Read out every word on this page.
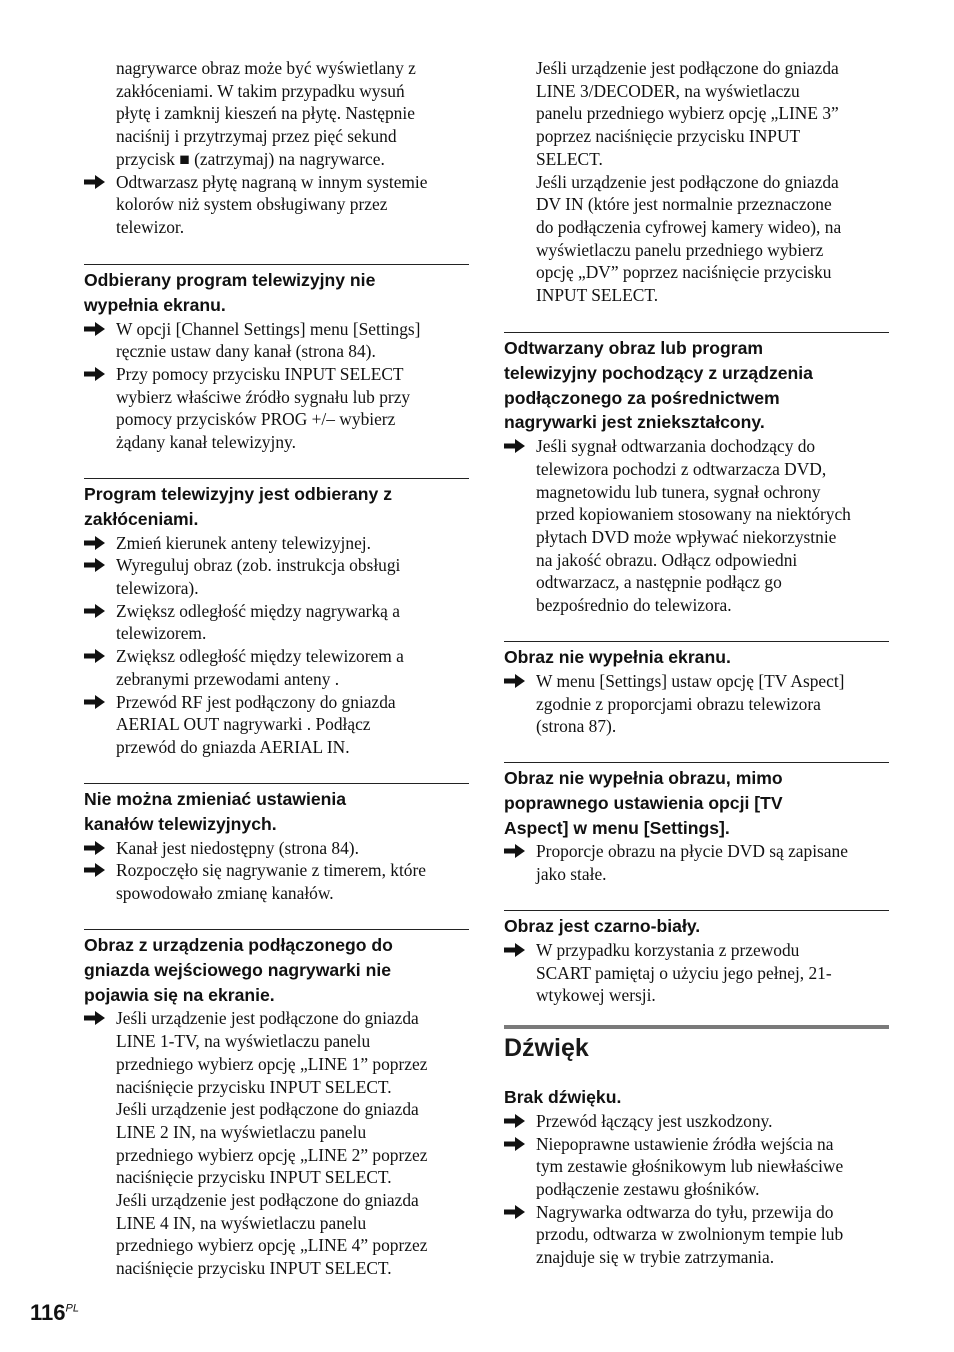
nagrywarce obraz może być wyświetlany z
zakłóceniami. W takim przypadku wysuń
płytę i zamknij kieszeń na płytę. Następnie
naciśnij i przytrzymaj przez pięć sekund
przycisk ■ (zatrzymaj) na nagrywarce.
Odtwarzasz płytę nagraną w innym systemie
kolorów niż system obsługiwany przez
telewizor.
Odbierany program telewizyjny nie
wypełnia ekranu.
W opcji [Channel Settings] menu [Settings]
ręcznie ustaw dany kanał (strona 84).
Przy pomocy przycisku INPUT SELECT
wybierz właściwe źródło sygnału lub przy
pomocy przycisków PROG +/– wybierz
żądany kanał telewizyjny.
Program telewizyjny jest odbierany z
zakłóceniami.
Zmień kierunek anteny telewizyjnej.
Wyreguluj obraz (zob. instrukcja obsługi
telewizora).
Zwiększ odległość między nagrywarką a
telewizorem.
Zwiększ odległość między telewizorem a
zebranymi przewodami anteny .
Przewód RF jest podłączony do gniazda
AERIAL OUT nagrywarki . Podłącz
przewód do gniazda AERIAL IN.
Nie można zmieniać ustawienia
kanałów telewizyjnych.
Kanał jest niedostępny (strona 84).
Rozpoczęło się nagrywanie z timerem, które
spowodowało zmianę kanałów.
Obraz z urządzenia podłączonego do
gniazda wejściowego nagrywarki nie
pojawia się na ekranie.
Jeśli urządzenie jest podłączone do gniazda
LINE 1-TV, na wyświetlaczu panelu
przedniego wybierz opcję „LINE 1” poprzez
naciśnięcie przycisku INPUT SELECT.
Jeśli urządzenie jest podłączone do gniazda
LINE 2 IN, na wyświetlaczu panelu
przedniego wybierz opcję „LINE 2” poprzez
naciśnięcie przycisku INPUT SELECT.
Jeśli urządzenie jest podłączone do gniazda
LINE 4 IN, na wyświetlaczu panelu
przedniego wybierz opcję „LINE 4” poprzez
naciśnięcie przycisku INPUT SELECT.
Jeśli urządzenie jest podłączone do gniazda
LINE 3/DECODER, na wyświetlaczu
panelu przedniego wybierz opcję „LINE 3”
poprzez naciśnięcie przycisku INPUT
SELECT.
Jeśli urządzenie jest podłączone do gniazda
DV IN (które jest normalnie przeznaczone
do podłączenia cyfrowej kamery wideo), na
wyświetlaczu panelu przedniego wybierz
opcję „DV” poprzez naciśnięcie przycisku
INPUT SELECT.
Odtwarzany obraz lub program
telewizyjny pochodzący z urządzenia
podłączonego za pośrednictwem
nagrywarki jest zniekształcony.
Jeśli sygnał odtwarzania dochodzący do
telewizora pochodzi z odtwarzacza DVD,
magnetowidu lub tunera, sygnał ochrony
przed kopiowaniem stosowany na niektórych
płytach DVD może wpływać niekorzystnie
na jakość obrazu. Odłącz odpowiedni
odtwarzacz, a następnie podłącz go
bezpośrednio do telewizora.
Obraz nie wypełnia ekranu.
W menu [Settings] ustaw opcję [TV Aspect]
zgodnie z proporcjami obrazu telewizora
(strona 87).
Obraz nie wypełnia obrazu, mimo
poprawnego ustawienia opcji [TV
Aspect] w menu [Settings].
Proporcje obrazu na płycie DVD są zapisane
jako stałe.
Obraz jest czarno-biały.
W przypadku korzystania z przewodu
SCART pamiętaj o użyciu jego pełnej, 21-
wtykowej wersji.
Dźwięk
Brak dźwięku.
Przewód łączący jest uszkodzony.
Niepoprawne ustawienie źródła wejścia na
tym zestawie głośnikowym lub niewłaściwe
podłączenie zestawu głośników.
Nagrywarka odtwarza do tyłu, przewija do
przodu, odtwarza w zwolnionym tempie lub
znajduje się w trybie zatrzymania.
$116^{PL}$
